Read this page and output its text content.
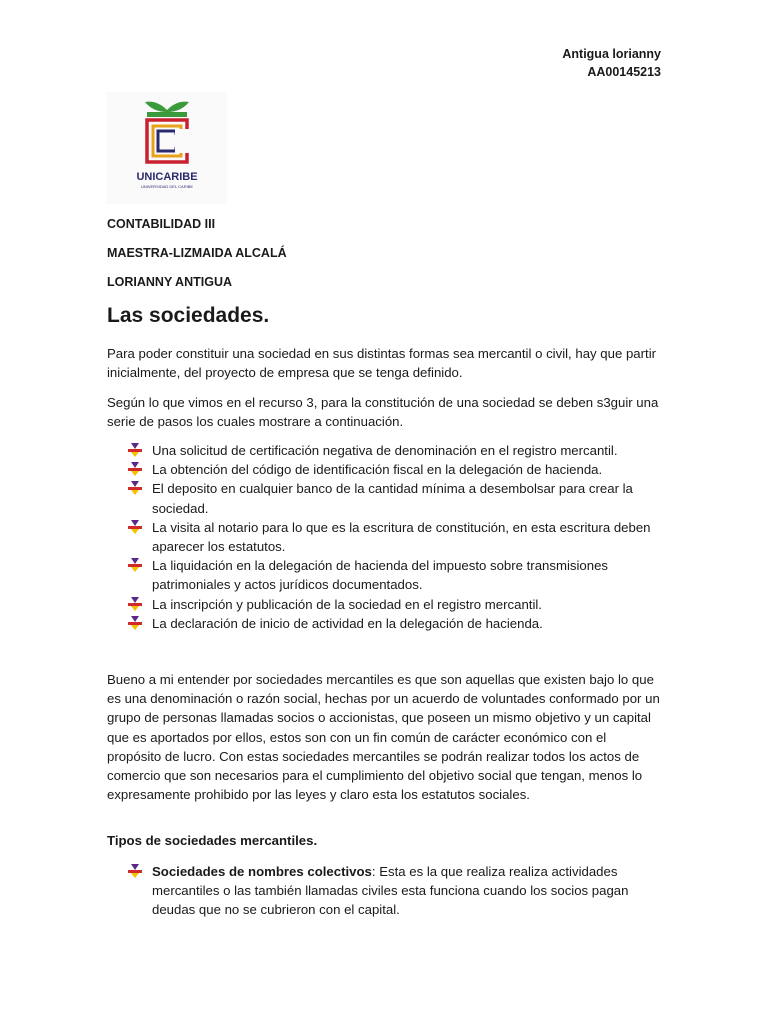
Antigua lorianny
AA00145213
UNICARIBE
UNIVERSIDAD DEL CARIBE
CONTABILIDAD III
MAESTRA-LIZMAIDA ALCALÁ
LORIANNY ANTIGUA
Las sociedades.

Para poder constituir una sociedad en sus distintas formas sea mercantil o civil, hay que partir inicialmente, del proyecto de empresa que se tenga definido.

Según lo que vimos en el recurso 3, para la constitución de una sociedad se deben s3guir una serie de pasos los cuales mostrare a continuación.

Una solicitud de certificación negativa de denominación en el registro mercantil.
La obtención del código de identificación fiscal en la delegación de hacienda.
El deposito en cualquier banco de la cantidad mínima a desembolsar para crear la sociedad.
La visita al notario para lo que es la escritura de constitución, en esta escritura deben aparecer los estatutos.
La liquidación en la delegación de hacienda del impuesto sobre transmisiones patrimoniales y actos jurídicos documentados.
La inscripción y publicación de la sociedad en el registro mercantil.
La declaración de inicio de actividad en la delegación de hacienda.

Bueno a mi entender por sociedades mercantiles es que son aquellas que existen bajo lo que es una denominación o razón social, hechas por un acuerdo de voluntades conformado por un grupo de personas llamadas socios o accionistas, que poseen un mismo objetivo y un capital que es aportados por ellos, estos son con un fin común de carácter económico con el propósito de lucro. Con estas sociedades mercantiles se podrán realizar todos los actos de comercio que son necesarios para el cumplimiento del objetivo social que tengan, menos lo expresamente prohibido por las leyes y claro esta los estatutos sociales.

Tipos de sociedades mercantiles.

Sociedades de nombres colectivos: Esta es la que realiza realiza actividades mercantiles o las también llamadas civiles esta funciona cuando los socios pagan deudas que no se cubrieron con el capital.
